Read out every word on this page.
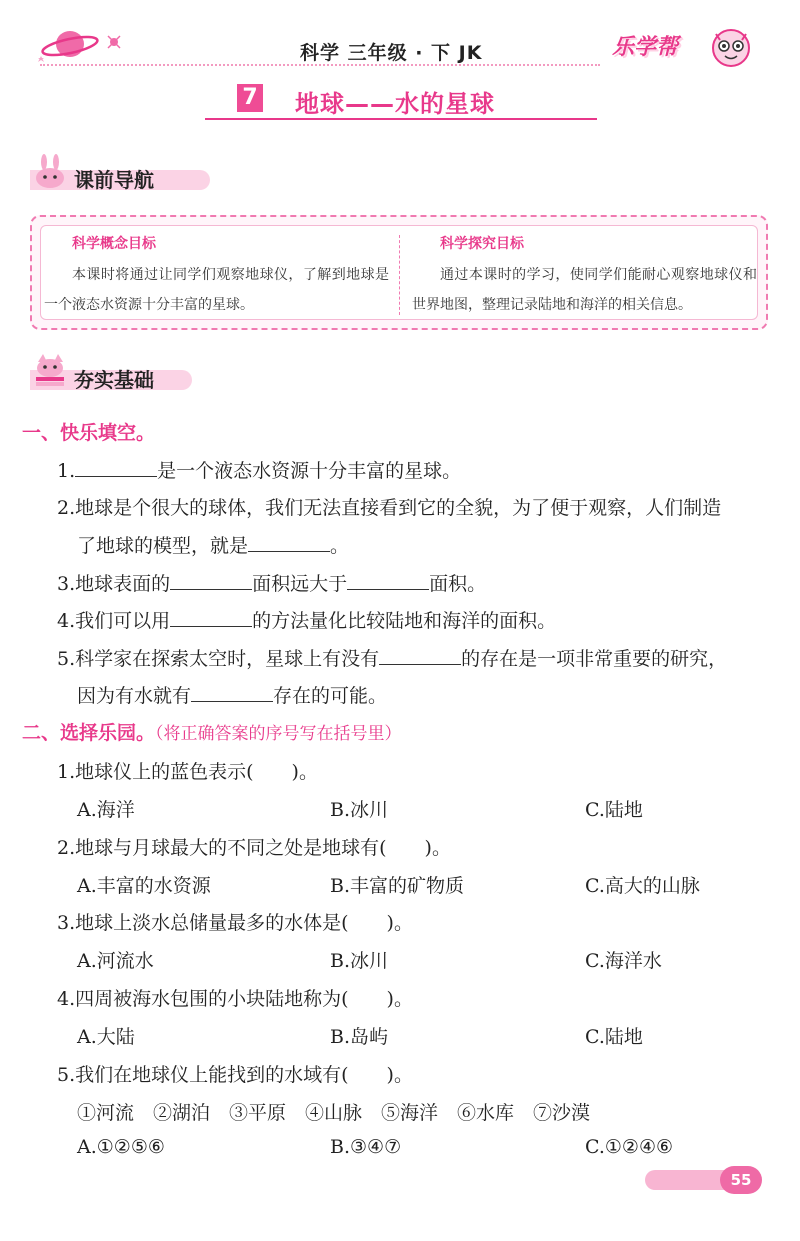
科学 三年级 · 下 JK	乐学帮
7 地球——水的星球
课前导航
科学概念目标
本课时将通过让同学们观察地球仪，了解到地球是一个液态水资源十分丰富的星球。
科学探究目标
通过本课时的学习，使同学们能耐心观察地球仪和世界地图，整理记录陆地和海洋的相关信息。
夯实基础
一、快乐填空。
1.	是一个液态水资源十分丰富的星球。
2.地球是个很大的球体，我们无法直接看到它的全貌，为了便于观察，人们制造
了地球的模型，就是	。
3.地球表面的	面积远大于	面积。
4.我们可以用	的方法量化比较陆地和海洋的面积。
5.科学家在探索太空时，星球上有没有	的存在是一项非常重要的研究，
因为有水就有	存在的可能。
二、选择乐园。（将正确答案的序号写在括号里）
1.地球仪上的蓝色表示(　　)。
A.海洋	B.冰川	C.陆地
2.地球与月球最大的不同之处是地球有(　　)。
A.丰富的水资源	B.丰富的矿物质	C.高大的山脉
3.地球上淡水总储量最多的水体是(　　)。
A.河流水	B.冰川	C.海洋水
4.四周被海水包围的小块陆地称为(　　)。
A.大陆	B.岛屿	C.陆地
5.我们在地球仪上能找到的水域有(　　)。
①河流　②湖泊　③平原　④山脉　⑤海洋　⑥水库　⑦沙漠
A.①②⑤⑥	B.③④⑦	C.①②④⑥
55
